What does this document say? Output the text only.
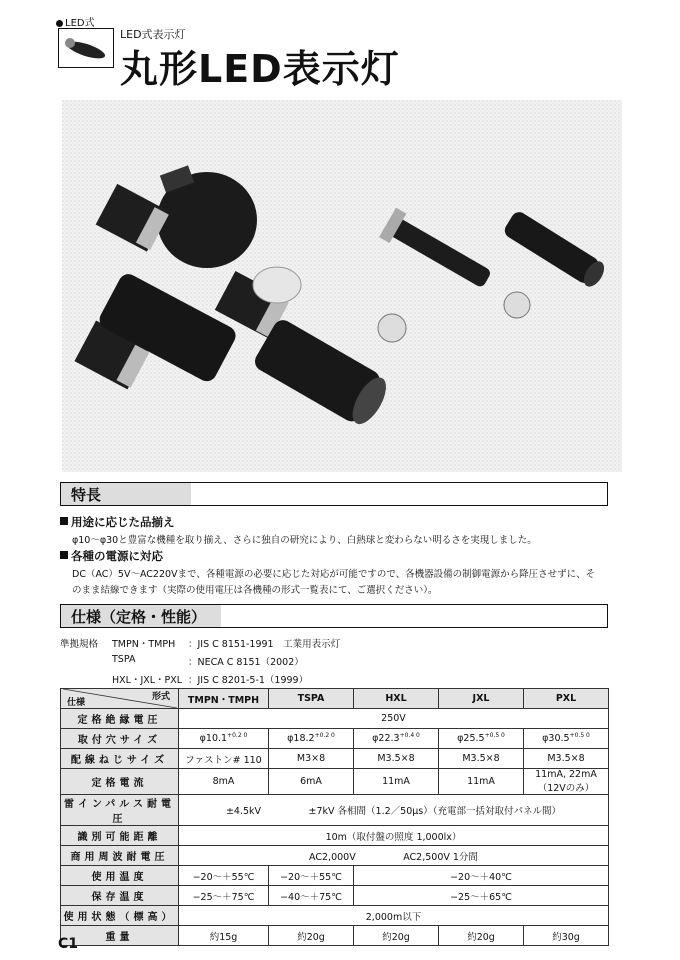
LED式
LED式表示灯
丸形LED表示灯
特長
用途に応じた品揃え
φ10～φ30と豊富な機種を取り揃え、さらに独自の研究により、白熱球と変わらない明るさを実現しました。
各種の電源に対応
DC（AC）5V～AC220Vまで、各種電源の必要に応じた対応が可能ですので、各機器設備の制御電源から降圧させずに、そ
のまま結線できます（実際の使用電圧は各機種の形式一覧表にて、ご選択ください）。
仕様（定格・性能）
準拠規格 TMPN・TMPH ：JIS C 8151-1991　工業用表示灯
TSPA	：NECA C 8151（2002）
HXL・JXL・PXL ：JIS C 8201-5-1（1999）
形式
仕様	TMPN・TMPH	TSPA	HXL	JXL	PXL
定格絶縁電圧	250V				
取付穴サイズ	$\varphi 10.1^{+0.2 0}$	$\varphi 18.2^{+0.2 0}$	$\varphi 22.3^{+0.4 0}$	$\varphi 25.5^{+0.5 0}$	$\varphi 30.5^{+0.5 0}$
配線ねじサイズ	ファストン# 110	M3×8	M3.5×8	M3.5×8	M3.5×8
定格電流	8mA	6mA	11mA	11mA	11mA, 22mA（12Vのみ）
雷インパルス耐電圧	±4.5kV　　　　　±7kV 各相間（1.2／50μs）（充電部一括対取付パネル間）				
識別可能距離	10m（取付盤の照度 1,000lx）				
商用周波耐電圧	AC2,000V　　　　　AC2,500V 1分間				
使用温度	−20～＋55℃	−20～＋55℃	−20～＋40℃		
保存温度	−25～＋75℃	−40～＋75℃	−25～＋65℃		
使用状態（標高）	2,000m以下				
重量	約15g	約20g	約20g	約20g	約30g
C1
